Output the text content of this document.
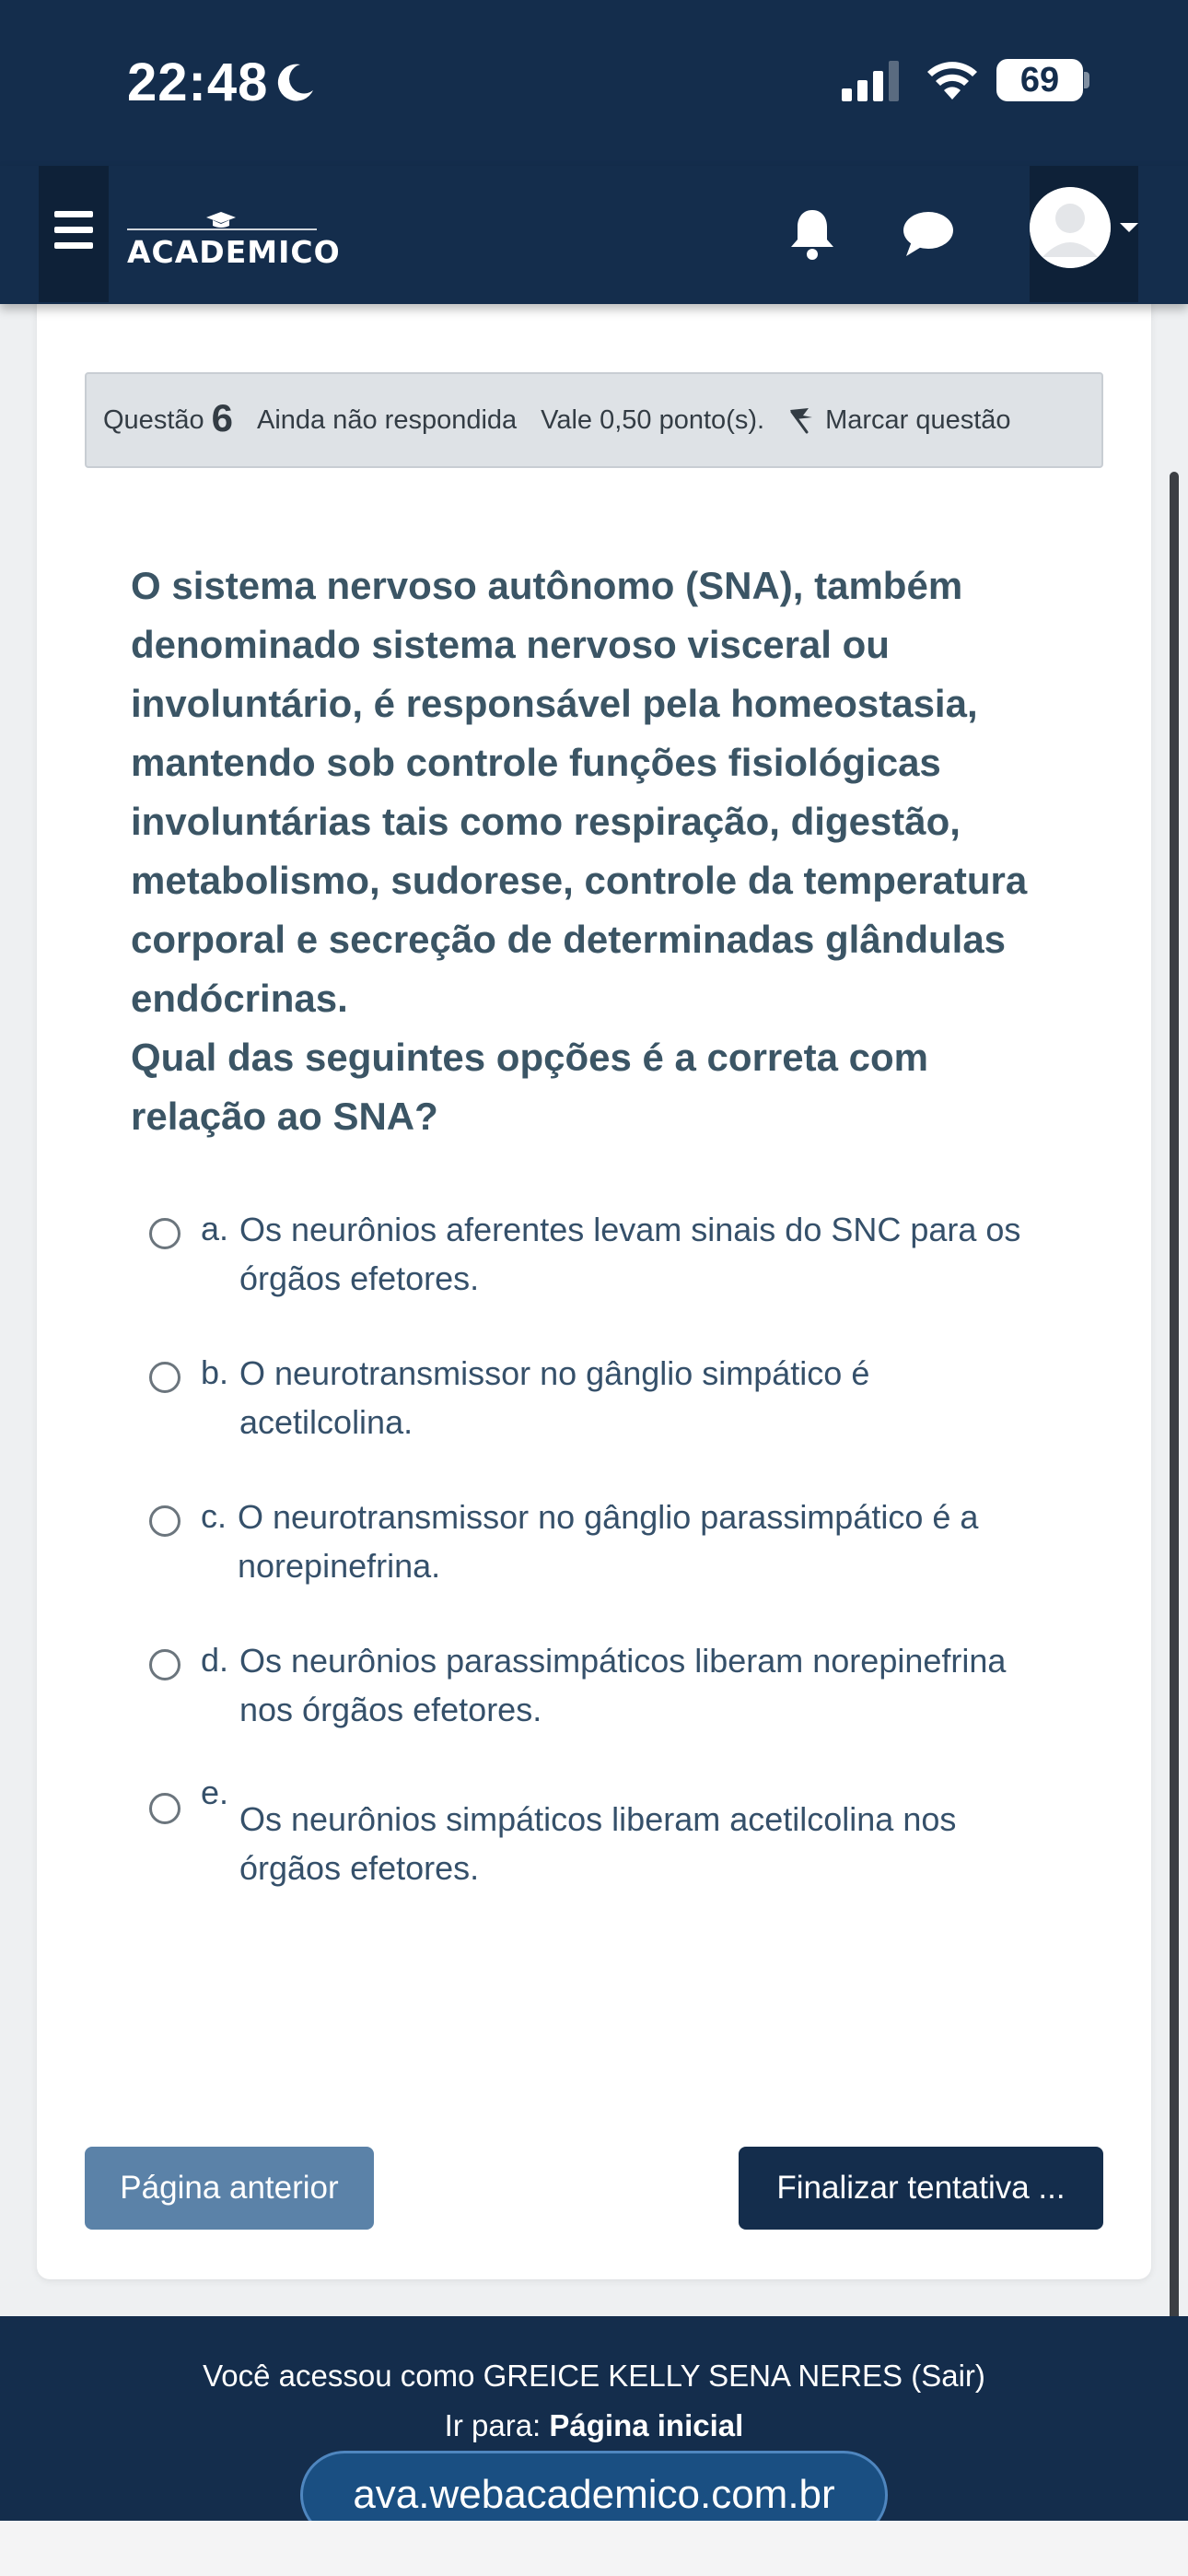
22:48	69
ACADEMICO
Questão 6 Ainda não respondida Vale 0,50 ponto(s). Marcar questão

O sistema nervoso autônomo (SNA), também denominado sistema nervoso visceral ou involuntário, é responsável pela homeostasia, mantendo sob controle funções fisiológicas involuntárias tais como respiração, digestão, metabolismo, sudorese, controle da temperatura corporal e secreção de determinadas glândulas endócrinas.

Qual das seguintes opções é a correta com relação ao SNA?

a. Os neurônios aferentes levam sinais do SNC para os órgãos efetores.
b. O neurotransmissor no gânglio simpático é acetilcolina.
c. O neurotransmissor no gânglio parassimpático é a norepinefrina.
d. Os neurônios parassimpáticos liberam norepinefrina nos órgãos efetores.
e.
Os neurônios simpáticos liberam acetilcolina nos órgãos efetores.
Página anterior	Finalizar tentativa ...
Você acessou como GREICE KELLY SENA NERES (Sair)
Ir para: Página inicial
ava.webacademico.com.br
